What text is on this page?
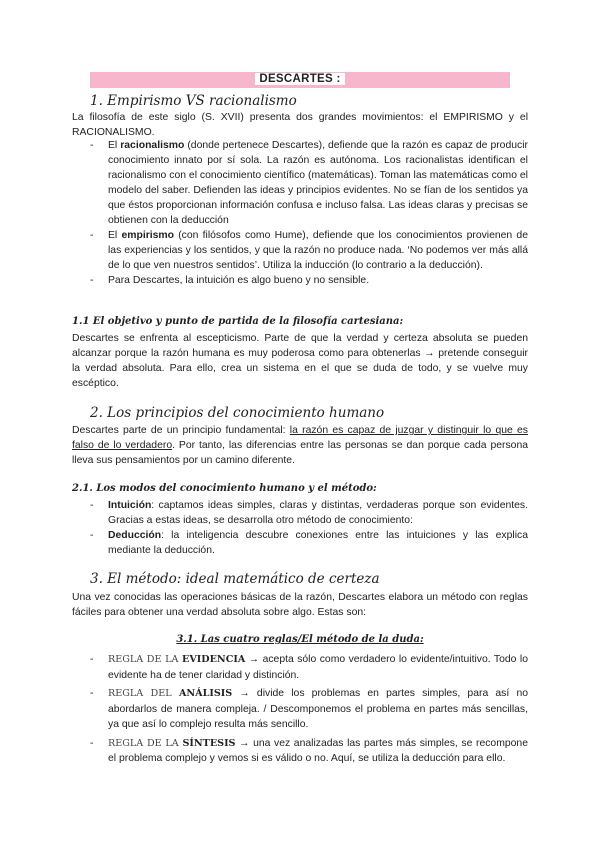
DESCARTES :
1. Empirismo VS racionalismo
La filosofía de este siglo (S. XVII) presenta dos grandes movimientos: el EMPIRISMO y el RACIONALISMO.
- El racionalismo (donde pertenece Descartes), defiende que la razón es capaz de producir conocimiento innato por sí sola. La razón es autónoma. Los racionalistas identifican el racionalismo con el conocimiento científico (matemáticas). Toman las matemáticas como el modelo del saber. Defienden las ideas y principios evidentes. No se fían de los sentidos ya que éstos proporcionan información confusa e incluso falsa. Las ideas claras y precisas se obtienen con la deducción
- El empirismo (con filósofos como Hume), defiende que los conocimientos provienen de las experiencias y los sentidos, y que la razón no produce nada. ‘No podemos ver más allá de lo que ven nuestros sentidos’. Utiliza la inducción (lo contrario a la deducción).
- Para Descartes, la intuición es algo bueno y no sensible.
1.1 El objetivo y punto de partida de la filosofía cartesiana:
Descartes se enfrenta al escepticismo. Parte de que la verdad y certeza absoluta se pueden alcanzar porque la razón humana es muy poderosa como para obtenerlas → pretende conseguir la verdad absoluta. Para ello, crea un sistema en el que se duda de todo, y se vuelve muy escéptico.
2. Los principios del conocimiento humano
Descartes parte de un principio fundamental: la razón es capaz de juzgar y distinguir lo que es falso de lo verdadero. Por tanto, las diferencias entre las personas se dan porque cada persona lleva sus pensamientos por un camino diferente.
2.1. Los modos del conocimiento humano y el método:
- Intuición: captamos ideas simples, claras y distintas, verdaderas porque son evidentes. Gracias a estas ideas, se desarrolla otro método de conocimiento:
- Deducción: la inteligencia descubre conexiones entre las intuiciones y las explica mediante la deducción.
3. El método: ideal matemático de certeza
Una vez conocidas las operaciones básicas de la razón, Descartes elabora un método con reglas fáciles para obtener una verdad absoluta sobre algo. Estas son:
3.1. Las cuatro reglas/El método de la duda:
- REGLA DE LA EVIDENCIA → acepta sólo como verdadero lo evidente/intuitivo. Todo lo evidente ha de tener claridad y distinción.
- REGLA DEL ANÁLISIS → divide los problemas en partes simples, para así no abordarlos de manera compleja. / Descomponemos el problema en partes más sencillas, ya que así lo complejo resulta más sencillo.
- REGLA DE LA SÍNTESIS → una vez analizadas las partes más simples, se recompone el problema complejo y vemos si es válido o no. Aquí, se utiliza la deducción para ello.
